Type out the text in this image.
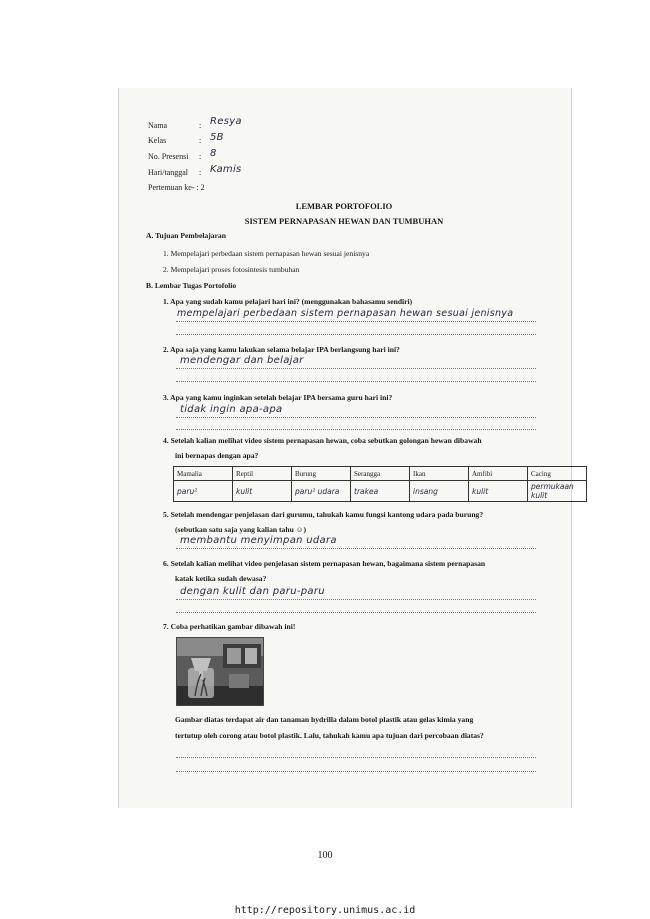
Nama	: Resya
Kelas	: 5B
No. Presensi : 8
Hari/tanggal : Kamis
Pertemuan ke- : 2
LEMBAR PORTOFOLIO
SISTEM PERNAPASAN HEWAN DAN TUMBUHAN
A. Tujuan Pembelajaran
1. Mempelajari perbedaan sistem pernapasan hewan sesuai jenisnya
2. Mempelajari proses fotosintesis tumbuhan
B. Lembar Tugas Portofolio
1. Apa yang sudah kamu pelajari hari ini? (menggunakan bahasamu sendiri)
mempelajari perbedaan sistem pernapasan hewan sesuai jenisnya
2. Apa saja yang kamu lakukan selama belajar IPA berlangsung hari ini?
mendengar dan belajar
3. Apa yang kamu inginkan setelah belajar IPA bersama guru hari ini?
tidak ingin apa-apa
4. Setelah kalian melihat video sistem pernapasan hewan, coba sebutkan golongan hewan dibawah
ini bernapas dengan apa?
Mamalia	Reptil	Burung	Serangga	Ikan	Amfibi	Cacing
paru²	kulit	paru² udara	trakea	insang	kulit	permukaan kulit
5. Setelah mendengar penjelasan dari gurumu, tahukah kamu fungsi kantong udara pada burung?
(sebutkan satu saja yang kalian tahu ☺)
membantu menyimpan udara
6. Setelah kalian melihat video penjelasan sistem pernapasan hewan, bagaimana sistem pernapasan
katak ketika sudah dewasa?
dengan kulit dan paru-paru
7. Coba perhatikan gambar dibawah ini!
Gambar diatas terdapat air dan tanaman hydrilla dalam botol plastik atau gelas kimia yang
tertutup oleh corong atau botol plastik. Lalu, tahukah kamu apa tujuan dari percobaan diatas?
100
http://repository.unimus.ac.id
